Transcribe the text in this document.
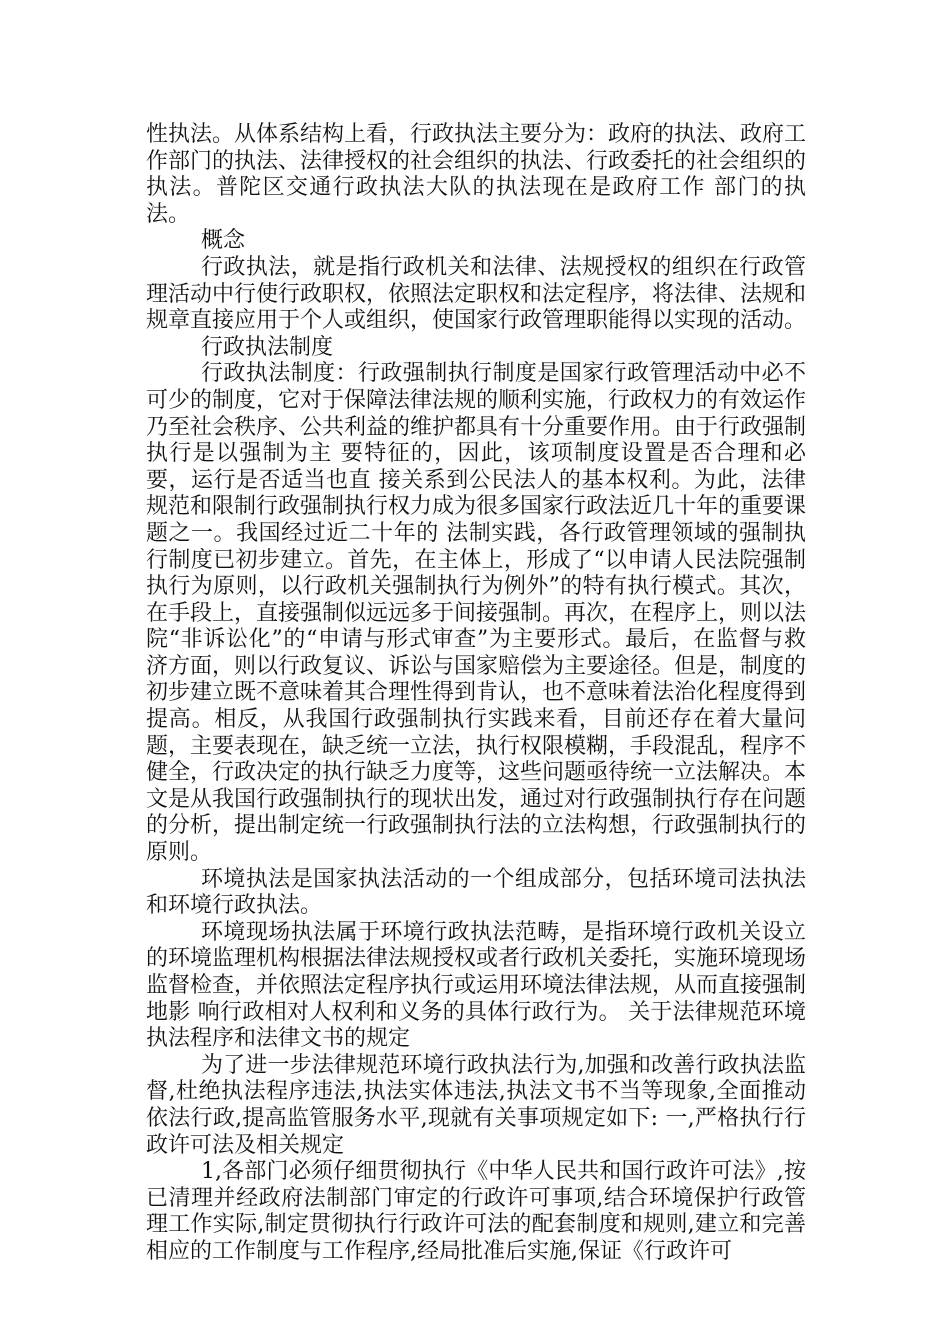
性执法。从体系结构上看，行政执法主要分为：政府的执法、政府工作部门的执法、法律授权的社会组织的执法、行政委托的社会组织的执法。普陀区交通行政执法大队的执法现在是政府工作 部门的执法。

概念

行政执法，就是指行政机关和法律、法规授权的组织在行政管理活动中行使行政职权，依照法定职权和法定程序，将法律、法规和规章直接应用于个人或组织，使国家行政管理职能得以实现的活动。

行政执法制度

行政执法制度：行政强制执行制度是国家行政管理活动中必不可少的制度，它对于保障法律法规的顺利实施，行政权力的有效运作乃至社会秩序、公共利益的维护都具有十分重要作用。由于行政强制执行是以强制为主 要特征的，因此，该项制度设置是否合理和必要，运行是否适当也直 接关系到公民法人的基本权利。为此，法律规范和限制行政强制执行权力成为很多国家行政法近几十年的重要课题之一。我国经过近二十年的 法制实践，各行政管理领域的强制执行制度已初步建立。首先，在主体上，形成了“以申请人民法院强制执行为原则，以行政机关强制执行为例外”的特有执行模式。其次，在手段上，直接强制似远远多于间接强制。再次，在程序上，则以法院“非诉讼化”的“申请与形式审查”为主要形式。最后，在监督与救济方面，则以行政复议、诉讼与国家赔偿为主要途径。但是，制度的初步建立既不意味着其合理性得到肯认，也不意味着法治化程度得到提高。相反，从我国行政强制执行实践来看，目前还存在着大量问题，主要表现在，缺乏统一立法，执行权限模糊，手段混乱，程序不健全，行政决定的执行缺乏力度等，这些问题亟待统一立法解决。本文是从我国行政强制执行的现状出发，通过对行政强制执行存在问题的分析，提出制定统一行政强制执行法的立法构想，行政强制执行的原则。

环境执法是国家执法活动的一个组成部分，包括环境司法执法和环境行政执法。

环境现场执法属于环境行政执法范畴，是指环境行政机关设立的环境监理机构根据法律法规授权或者行政机关委托，实施环境现场监督检查，并依照法定程序执行或运用环境法律法规，从而直接强制地影 响行政相对人权利和义务的具体行政行为。 关于法律规范环境执法程序和法律文书的规定

为了进一步法律规范环境行政执法行为,加强和改善行政执法监督,杜绝执法程序违法,执法实体违法,执法文书不当等现象,全面推动依法行政,提高监管服务水平,现就有关事项规定如下: 一,严格执行行政许可法及相关规定

1,各部门必须仔细贯彻执行《中华人民共和国行政许可法》,按已清理并经政府法制部门审定的行政许可事项,结合环境保护行政管理工作实际,制定贯彻执行行政许可法的配套制度和规则,建立和完善相应的工作制度与工作程序,经局批准后实施,保证《行政许可
